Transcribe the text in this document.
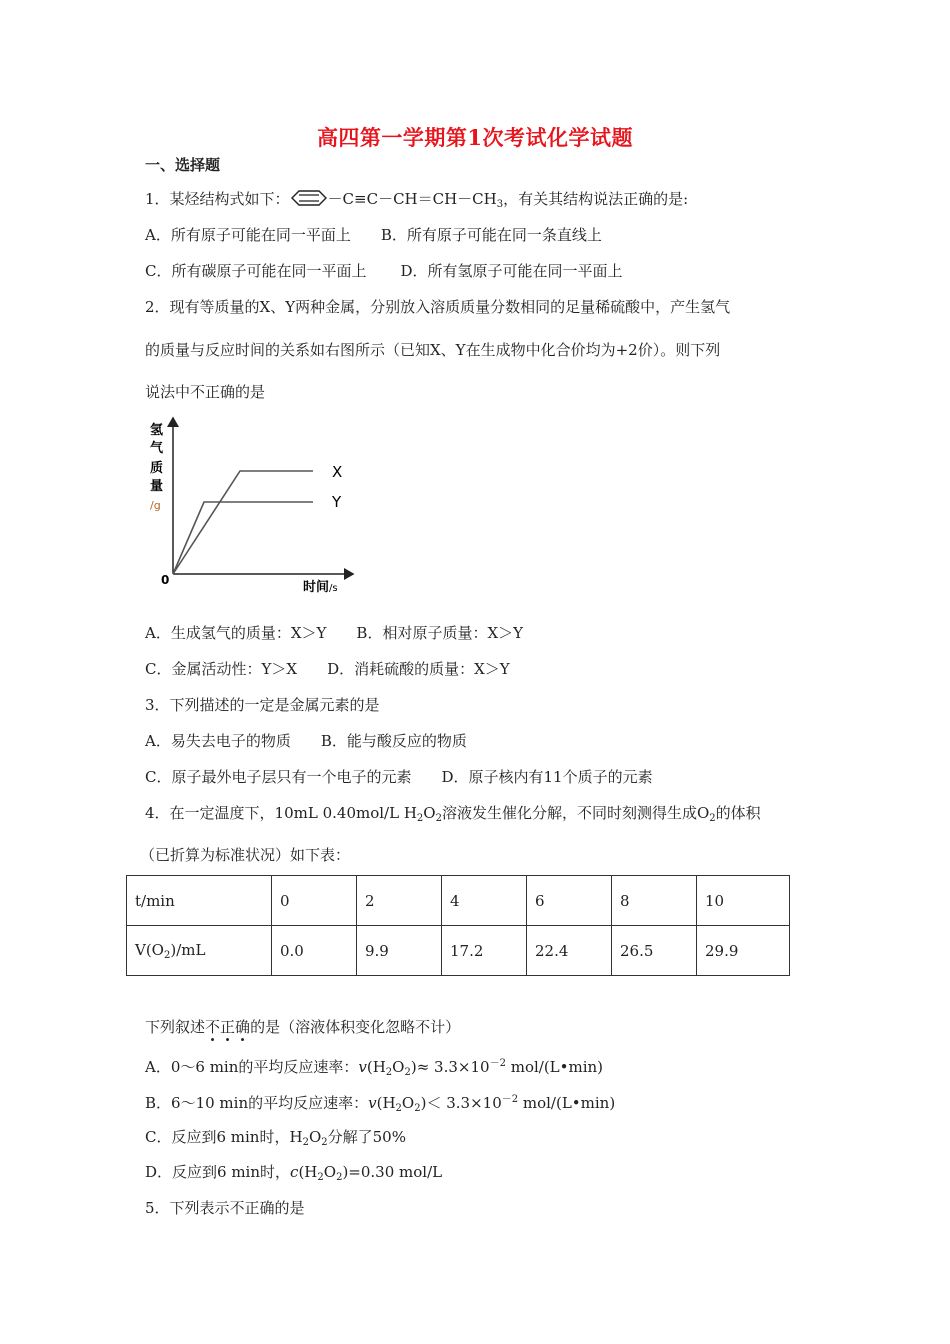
高四第一学期第1次考试化学试题
一、选择题
1．某烃结构式如下：	$-C\equiv C-CH=CH-CH_3$，有关其结构说法正确的是:
A．所有原子可能在同一平面上 B．所有原子可能在同一条直线上
C．所有碳原子可能在同一平面上 D．所有氢原子可能在同一平面上
2．现有等质量的X、Y两种金属，分别放入溶质质量分数相同的足量稀硫酸中，产生氢气
的质量与反应时间的关系如右图所示（已知X、Y在生成物中化合价均为+2价）。则下列
说法中不正确的是
氢
气
质
量
/g
0	时间/s
X
Y
A．生成氢气的质量：X＞Y B．相对原子质量：X＞Y
C．金属活动性：Y＞X D．消耗硫酸的质量：X＞Y
3．下列描述的一定是金属元素的是
A．易失去电子的物质 B．能与酸反应的物质
C．原子最外电子层只有一个电子的元素 D．原子核内有11个质子的元素
4．在一定温度下，10mL 0.40mol/L $H_2O_2$溶液发生催化分解，不同时刻测得生成$O_2$的体积
（已折算为标准状况）如下表：
t/min	0	2	4	6	8	10
$V(O_2)/mL$	0.0	9.9	17.2	22.4	26.5	29.9
下列叙述不正确的是（溶液体积变化忽略不计）
A．0～6 min的平均反应速率：$v(H_2O_2)\approx 3.3\times 10^{-2}$ mol/(L•min)
B．6～10 min的平均反应速率：$v(H_2O_2)< 3.3\times 10^{-2}$ mol/(L•min)
C．反应到6 min时，$H_2O_2$分解了50%
D．反应到6 min时，$c(H_2O_2)=0.30$ mol/L
5．下列表示不正确的是
